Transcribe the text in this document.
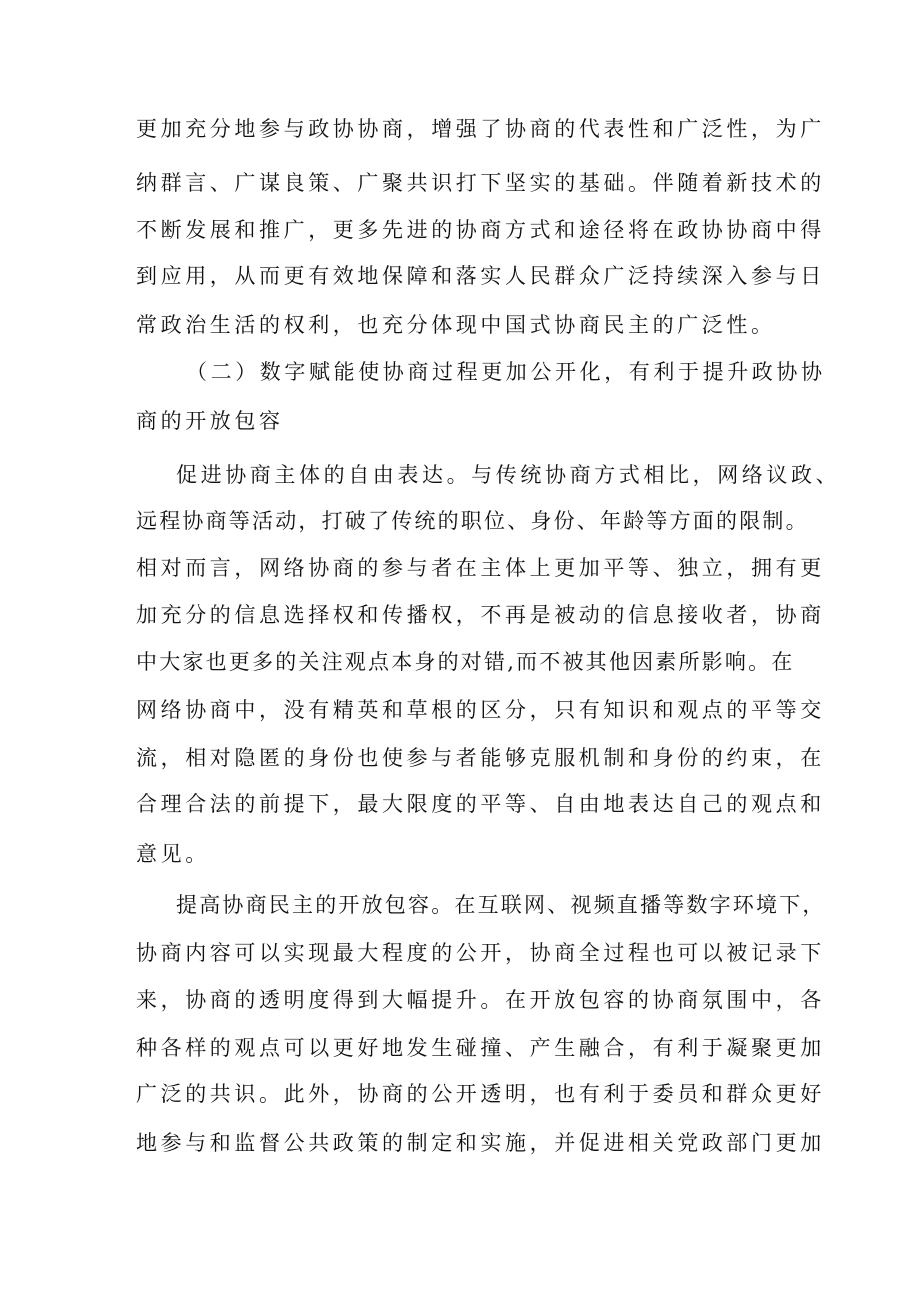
更加充分地参与政协协商，增强了协商的代表性和广泛性，为广
纳群言、广谋良策、广聚共识打下坚实的基础。伴随着新技术的
不断发展和推广，更多先进的协商方式和途径将在政协协商中得
到应用，从而更有效地保障和落实人民群众广泛持续深入参与日
常政治生活的权利，也充分体现中国式协商民主的广泛性。
（二）数字赋能使协商过程更加公开化，有利于提升政协协
商的开放包容
促进协商主体的自由表达。与传统协商方式相比，网络议政、
远程协商等活动，打破了传统的职位、身份、年龄等方面的限制。
相对而言，网络协商的参与者在主体上更加平等、独立，拥有更
加充分的信息选择权和传播权，不再是被动的信息接收者，协商
中大家也更多的关注观点本身的对错,而不被其他因素所影响。在
网络协商中，没有精英和草根的区分，只有知识和观点的平等交
流，相对隐匿的身份也使参与者能够克服机制和身份的约束，在
合理合法的前提下，最大限度的平等、自由地表达自己的观点和
意见。
提高协商民主的开放包容。在互联网、视频直播等数字环境下，
协商内容可以实现最大程度的公开，协商全过程也可以被记录下
来，协商的透明度得到大幅提升。在开放包容的协商氛围中，各
种各样的观点可以更好地发生碰撞、产生融合，有利于凝聚更加
广泛的共识。此外，协商的公开透明，也有利于委员和群众更好
地参与和监督公共政策的制定和实施，并促进相关党政部门更加
